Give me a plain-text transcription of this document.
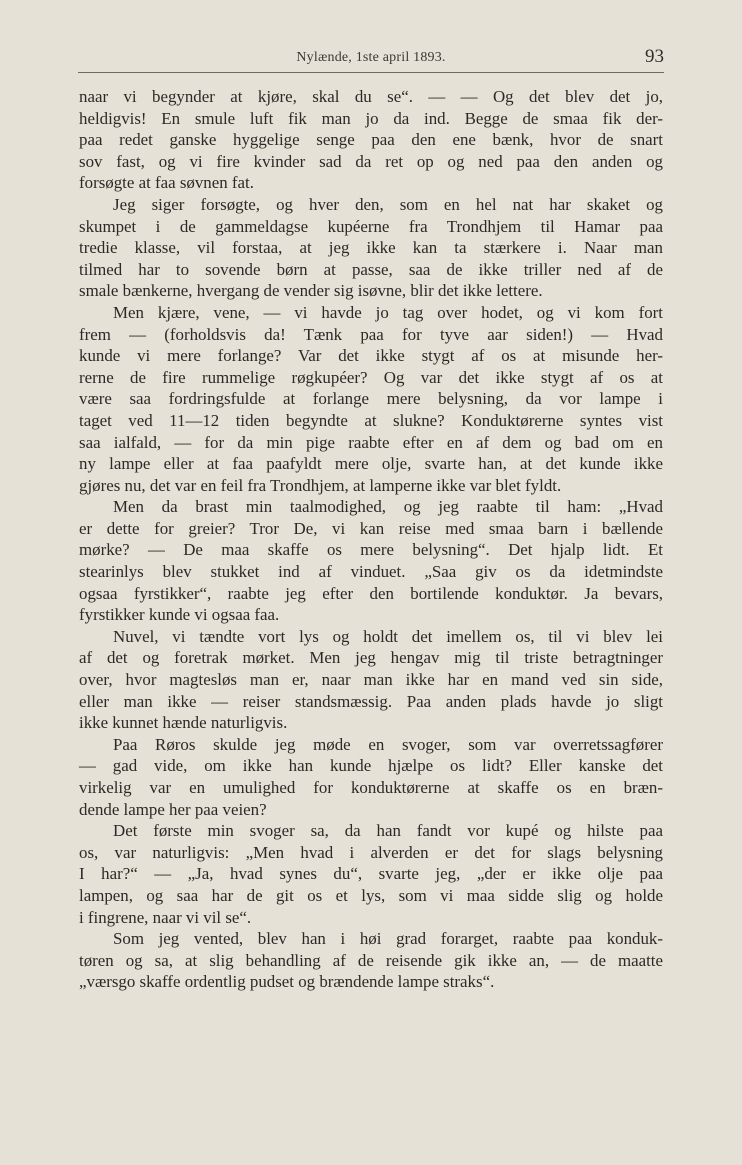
Nylænde, 1ste april 1893.	93
naar vi begynder at kjøre, skal du se“. — — Og det blev det jo,
heldigvis! En smule luft fik man jo da ind. Begge de smaa fik der-
paa redet ganske hyggelige senge paa den ene bænk, hvor de snart
sov fast, og vi fire kvinder sad da ret op og ned paa den anden og
forsøgte at faa søvnen fat.
Jeg siger forsøgte, og hver den, som en hel nat har skaket og
skumpet i de gammeldagse kupéerne fra Trondhjem til Hamar paa
tredie klasse, vil forstaa, at jeg ikke kan ta stærkere i. Naar man
tilmed har to sovende børn at passe, saa de ikke triller ned af de
smale bænkerne, hvergang de vender sig isøvne, blir det ikke lettere.
Men kjære, vene, — vi havde jo tag over hodet, og vi kom fort
frem — (forholdsvis da! Tænk paa for tyve aar siden!) — Hvad
kunde vi mere forlange? Var det ikke stygt af os at misunde her-
rerne de fire rummelige røgkupéer? Og var det ikke stygt af os at
være saa fordringsfulde at forlange mere belysning, da vor lampe i
taget ved 11—12 tiden begyndte at slukne? Konduktørerne syntes vist
saa ialfald, — for da min pige raabte efter en af dem og bad om en
ny lampe eller at faa paafyldt mere olje, svarte han, at det kunde ikke
gjøres nu, det var en feil fra Trondhjem, at lamperne ikke var blet fyldt.
Men da brast min taalmodighed, og jeg raabte til ham: „Hvad
er dette for greier? Tror De, vi kan reise med smaa barn i bællende
mørke? — De maa skaffe os mere belysning“. Det hjalp lidt. Et
stearinlys blev stukket ind af vinduet. „Saa giv os da idetmindste
ogsaa fyrstikker“, raabte jeg efter den bortilende konduktør. Ja bevars,
fyrstikker kunde vi ogsaa faa.
Nuvel, vi tændte vort lys og holdt det imellem os, til vi blev lei
af det og foretrak mørket. Men jeg hengav mig til triste betragtninger
over, hvor magtesløs man er, naar man ikke har en mand ved sin side,
eller man ikke — reiser standsmæssig. Paa anden plads havde jo sligt
ikke kunnet hænde naturligvis.
Paa Røros skulde jeg møde en svoger, som var overretssagfører
— gad vide, om ikke han kunde hjælpe os lidt? Eller kanske det
virkelig var en umulighed for konduktørerne at skaffe os en bræn-
dende lampe her paa veien?
Det første min svoger sa, da han fandt vor kupé og hilste paa
os, var naturligvis: „Men hvad i alverden er det for slags belysning
I har?“ — „Ja, hvad synes du“, svarte jeg, „der er ikke olje paa
lampen, og saa har de git os et lys, som vi maa sidde slig og holde
i fingrene, naar vi vil se“.
Som jeg vented, blev han i høi grad forarget, raabte paa konduk-
tøren og sa, at slig behandling af de reisende gik ikke an, — de maatte
„værsgo skaffe ordentlig pudset og brændende lampe straks“.
